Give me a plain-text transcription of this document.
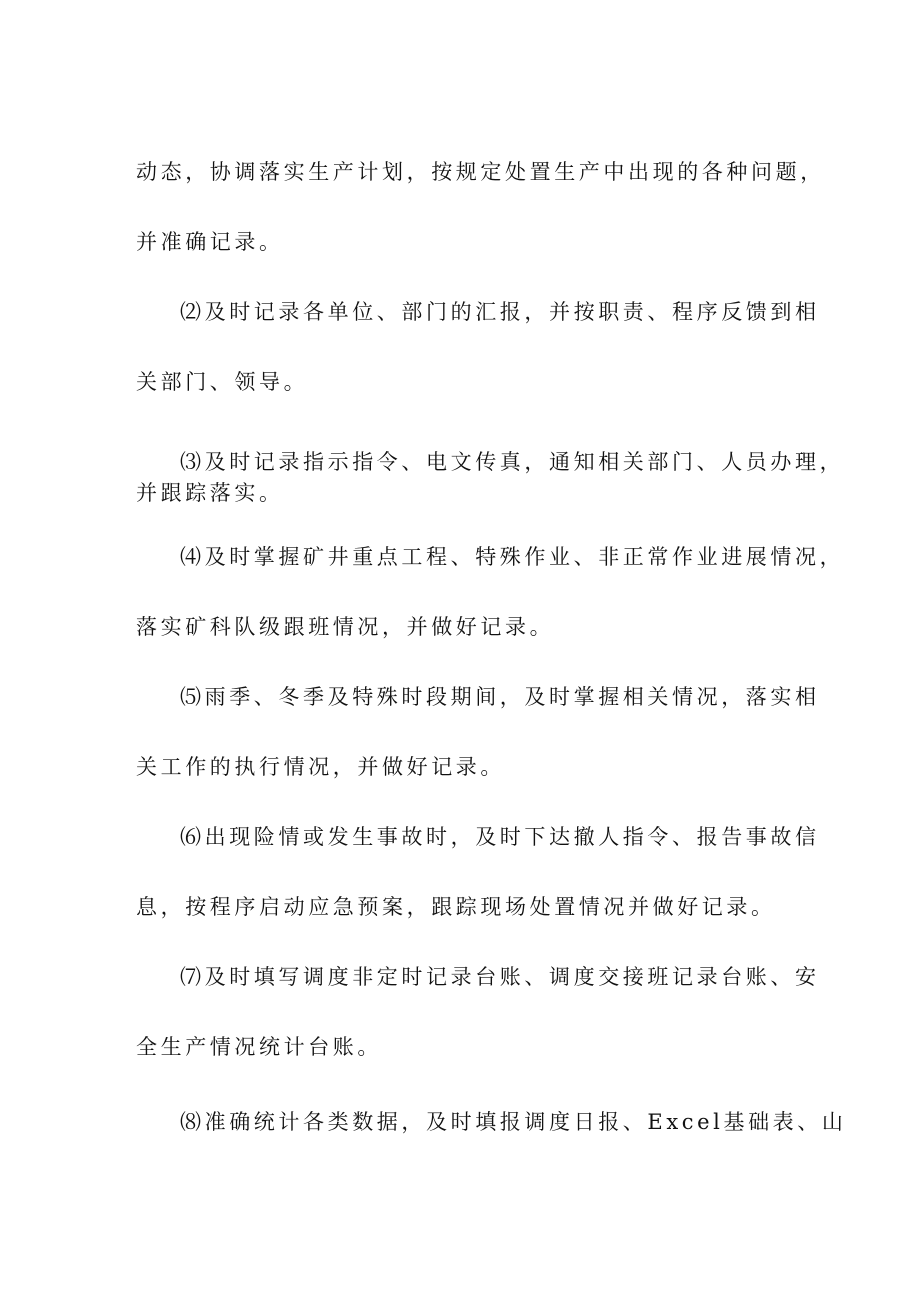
动态，协调落实生产计划，按规定处置生产中出现的各种问题，
并准确记录。
⑵及时记录各单位、部门的汇报，并按职责、程序反馈到相
关部门、领导。
⑶及时记录指示指令、电文传真，通知相关部门、人员办理，
并跟踪落实。
⑷及时掌握矿井重点工程、特殊作业、非正常作业进展情况，
落实矿科队级跟班情况，并做好记录。
⑸雨季、冬季及特殊时段期间，及时掌握相关情况，落实相
关工作的执行情况，并做好记录。
⑹出现险情或发生事故时，及时下达撤人指令、报告事故信
息，按程序启动应急预案，跟踪现场处置情况并做好记录。
⑺及时填写调度非定时记录台账、调度交接班记录台账、安
全生产情况统计台账。
⑻准确统计各类数据，及时填报调度日报、Excel基础表、山
